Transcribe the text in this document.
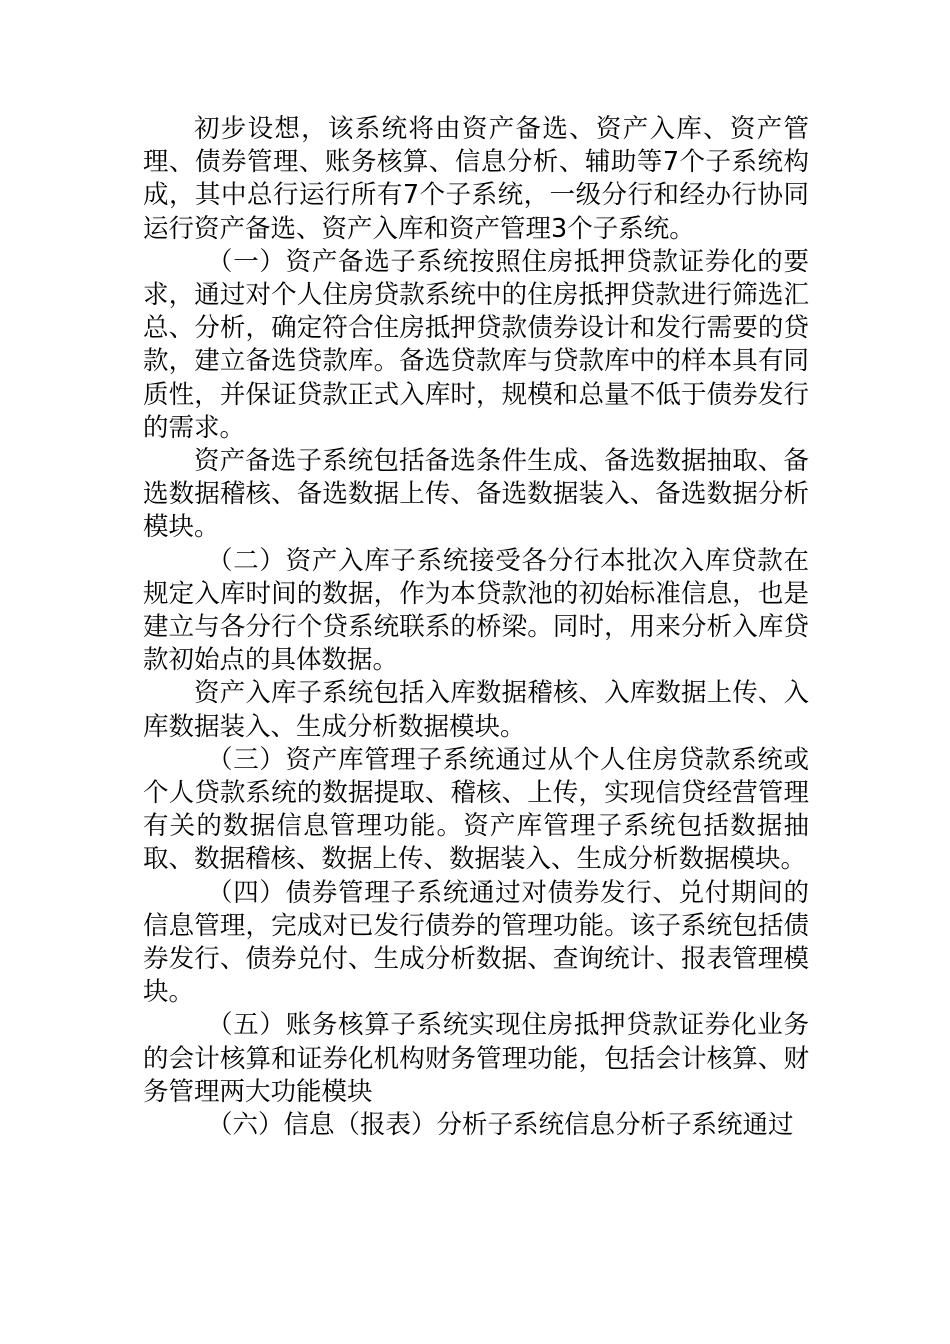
初步设想，该系统将由资产备选、资产入库、资产管理、债券管理、账务核算、信息分析、辅助等7个子系统构成，其中总行运行所有7个子系统，一级分行和经办行协同运行资产备选、资产入库和资产管理3个子系统。

（一）资产备选子系统按照住房抵押贷款证券化的要求，通过对个人住房贷款系统中的住房抵押贷款进行筛选汇总、分析，确定符合住房抵押贷款债券设计和发行需要的贷款，建立备选贷款库。备选贷款库与贷款库中的样本具有同质性，并保证贷款正式入库时，规模和总量不低于债券发行的需求。

资产备选子系统包括备选条件生成、备选数据抽取、备选数据稽核、备选数据上传、备选数据装入、备选数据分析模块。

（二）资产入库子系统接受各分行本批次入库贷款在规定入库时间的数据，作为本贷款池的初始标准信息，也是建立与各分行个贷系统联系的桥梁。同时，用来分析入库贷款初始点的具体数据。

资产入库子系统包括入库数据稽核、入库数据上传、入库数据装入、生成分析数据模块。

（三）资产库管理子系统通过从个人住房贷款系统或个人贷款系统的数据提取、稽核、上传，实现信贷经营管理有关的数据信息管理功能。资产库管理子系统包括数据抽取、数据稽核、数据上传、数据装入、生成分析数据模块。

（四）债券管理子系统通过对债券发行、兑付期间的信息管理，完成对已发行债券的管理功能。该子系统包括债券发行、债券兑付、生成分析数据、查询统计、报表管理模块。

（五）账务核算子系统实现住房抵押贷款证券化业务的会计核算和证券化机构财务管理功能，包括会计核算、财务管理两大功能模块

（六）信息（报表）分析子系统信息分析子系统通过
